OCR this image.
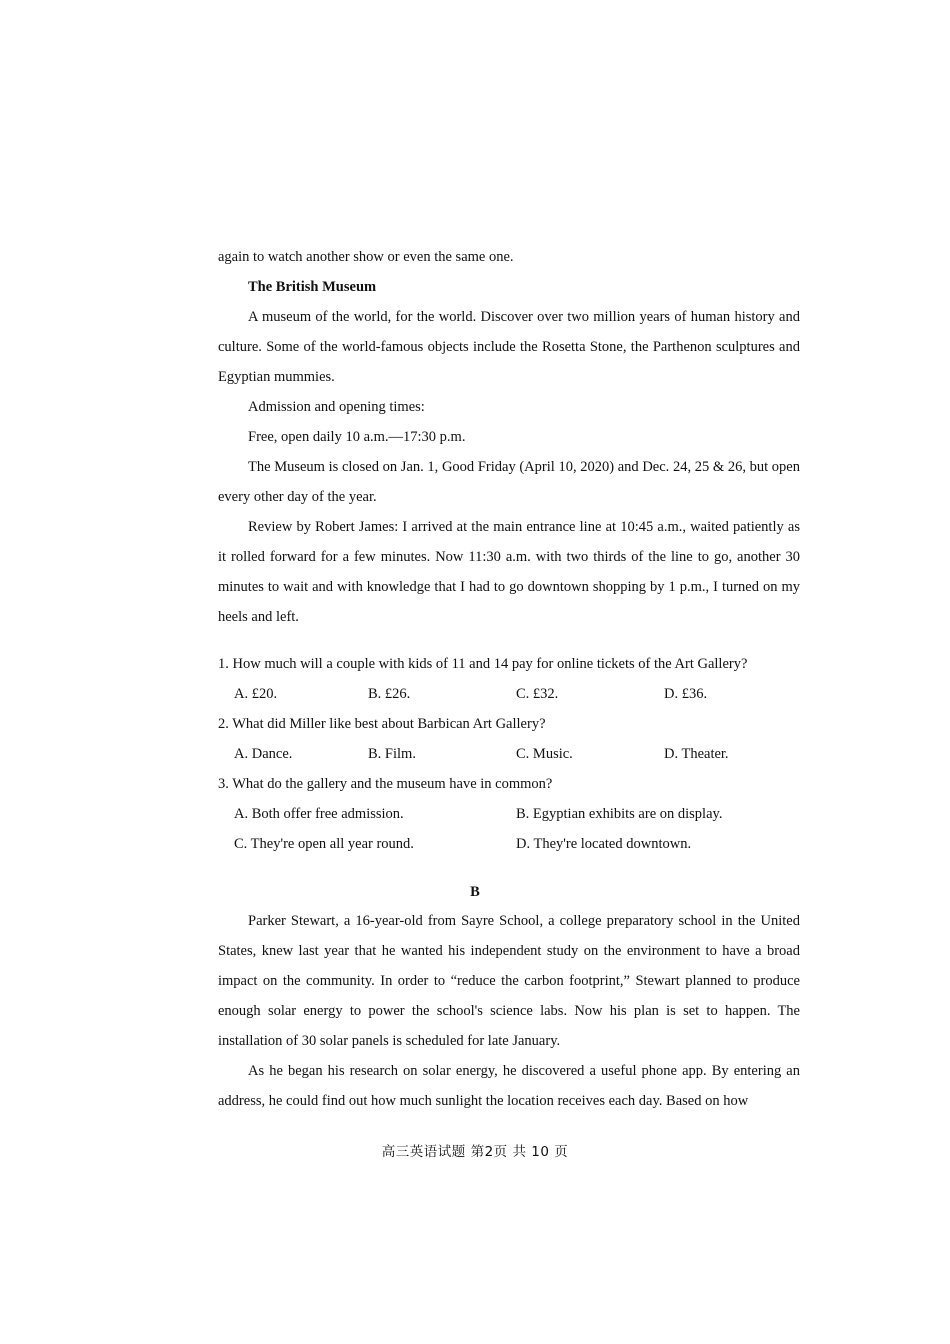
again to watch another show or even the same one.

The British Museum

A museum of the world, for the world. Discover over two million years of human history and culture. Some of the world-famous objects include the Rosetta Stone, the Parthenon sculptures and Egyptian mummies.

Admission and opening times:

Free, open daily 10 a.m.—17:30 p.m.

The Museum is closed on Jan. 1, Good Friday (April 10, 2020) and Dec. 24, 25 & 26, but open every other day of the year.

Review by Robert James: I arrived at the main entrance line at 10:45 a.m., waited patiently as it rolled forward for a few minutes. Now 11:30 a.m. with two thirds of the line to go, another 30 minutes to wait and with knowledge that I had to go downtown shopping by 1 p.m., I turned on my heels and left.

1. How much will a couple with kids of 11 and 14 pay for online tickets of the Art Gallery?

A. £20.	B. £26.	C. £32.	D. £36.

2. What did Miller like best about Barbican Art Gallery?

A. Dance.	B. Film.	C. Music.	D. Theater.

3. What do the gallery and the museum have in common?

A. Both offer free admission.	B. Egyptian exhibits are on display.
C. They're open all year round.	D. They're located downtown.
B

Parker Stewart, a 16-year-old from Sayre School, a college preparatory school in the United States, knew last year that he wanted his independent study on the environment to have a broad impact on the community. In order to “reduce the carbon footprint,” Stewart planned to produce enough solar energy to power the school's science labs. Now his plan is set to happen. The installation of 30 solar panels is scheduled for late January.

As he began his research on solar energy, he discovered a useful phone app. By entering an address, he could find out how much sunlight the location receives each day. Based on how

高三英语试题 第2页 共 10 页
